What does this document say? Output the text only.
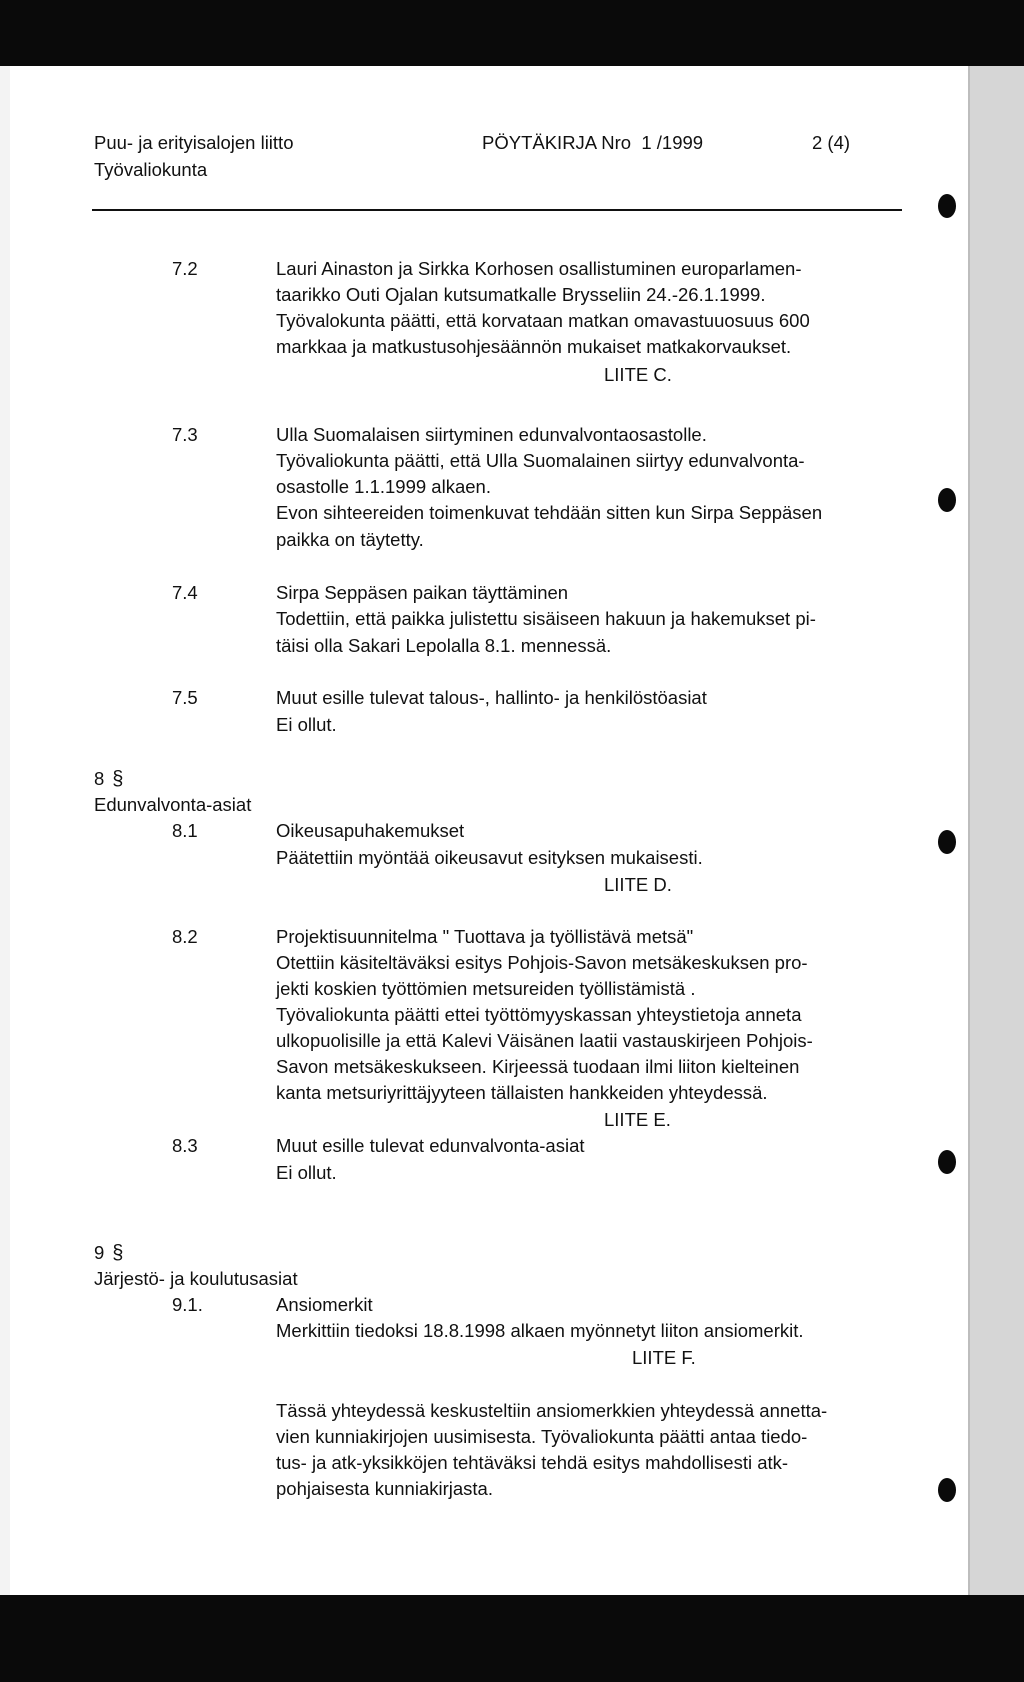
Puu- ja erityisalojen liitto
Työvaliokunta
PÖYTÄKIRJA Nro  1 /1999	2 (4)
7.2	Lauri Ainaston ja Sirkka Korhosen osallistuminen europarlamen-
taarikko Outi Ojalan kutsumatkalle Brysseliin 24.-26.1.1999.
Työvalokunta päätti, että korvataan matkan omavastuuosuus 600
markkaa ja matkustusohjesäännön mukaiset matkakorvaukset.
LIITE C.
7.3	Ulla Suomalaisen siirtyminen edunvalvontaosastolle.
Työvaliokunta päätti, että Ulla Suomalainen siirtyy edunvalvonta-
osastolle 1.1.1999 alkaen.
Evon sihteereiden toimenkuvat tehdään sitten kun Sirpa Seppäsen
paikka on täytetty.
7.4	Sirpa Seppäsen paikan täyttäminen
Todettiin, että paikka julistettu sisäiseen hakuun ja hakemukset pi-
täisi olla Sakari Lepolalla 8.1. mennessä.
7.5	Muut esille tulevat talous-, hallinto- ja henkilöstöasiat
Ei ollut.
8 §
Edunvalvonta-asiat
8.1	Oikeusapuhakemukset
Päätettiin myöntää oikeusavut esityksen mukaisesti.
LIITE D.
8.2	Projektisuunnitelma " Tuottava ja työllistävä metsä"
Otettiin käsiteltäväksi esitys Pohjois-Savon metsäkeskuksen pro-
jekti koskien työttömien metsureiden työllistämistä .
Työvaliokunta päätti ettei työttömyyskassan yhteystietoja anneta
ulkopuolisille ja että Kalevi Väisänen laatii vastauskirjeen Pohjois-
Savon metsäkeskukseen. Kirjeessä tuodaan ilmi liiton kielteinen
kanta metsuriyrittäjyyteen tällaisten hankkeiden yhteydessä.
LIITE E.
8.3	Muut esille tulevat edunvalvonta-asiat
Ei ollut.
9 §
Järjestö- ja koulutusasiat
9.1.	Ansiomerkit
Merkittiin tiedoksi 18.8.1998 alkaen myönnetyt liiton ansiomerkit.
LIITE F.
Tässä yhteydessä keskusteltiin ansiomerkkien yhteydessä annetta-
vien kunniakirjojen uusimisesta. Työvaliokunta päätti antaa tiedo-
tus- ja atk-yksikköjen tehtäväksi tehdä esitys mahdollisesti atk-
pohjaisesta kunniakirjasta.
